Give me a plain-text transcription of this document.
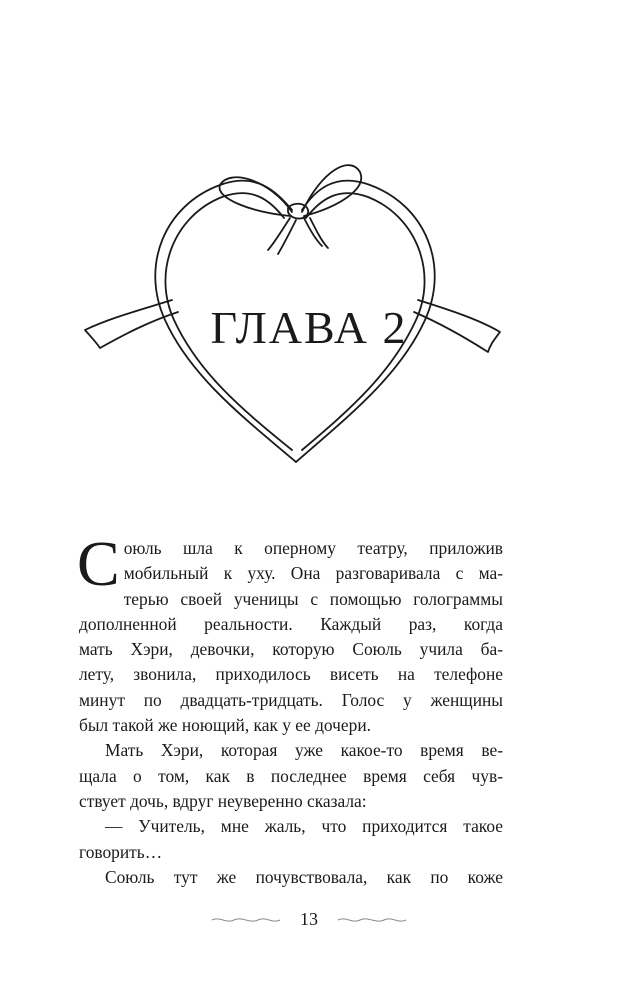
ГЛАВА 2
С оюль шла к оперному театру, приложив
мобильный к уху. Она разговаривала с ма-
терью своей ученицы с помощью голограммы
дополненной реальности. Каждый раз, когда
мать Хэри, девочки, которую Союль учила ба-
лету, звонила, приходилось висеть на телефоне
минут по двадцать-тридцать. Голос у женщины
был такой же ноющий, как у ее дочери.
Мать Хэри, которая уже какое-то время ве-
щала о том, как в последнее время себя чув-
ствует дочь, вдруг неуверенно сказала:
— Учитель, мне жаль, что приходится такое
говорить…
Союль тут же почувствовала, как по коже
13
